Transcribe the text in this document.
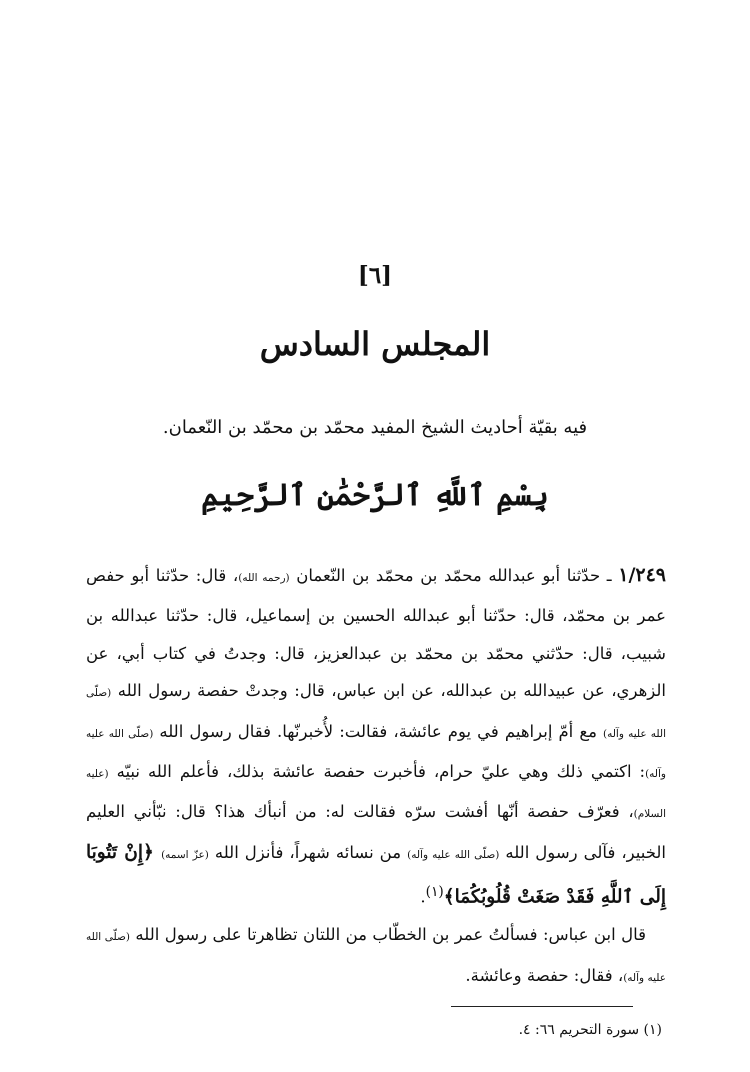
[٦]
المجلس السادس
فيه بقيّة أحاديث الشيخ المفيد محمّد بن محمّد بن النّعمان.
بِسْمِ ٱللَّهِ ٱلرَّحْمَٰنِ ٱلرَّحِيمِ

١/٢٤٩ ـ حدّثنا أبو عبدالله محمّد بن محمّد بن النّعمان (رحمه الله)، قال: حدّثنا أبو حفص عمر بن محمّد، قال: حدّثنا أبو عبدالله الحسين بن إسماعيل، قال: حدّثنا عبدالله بن شبيب، قال: حدّثني محمّد بن محمّد بن عبدالعزيز، قال: وجدتُ في كتاب أبي، عن الزهري، عن عبيدالله بن عبدالله، عن ابن عباس، قال: وجدتْ حفصة رسول الله (صلّى الله عليه وآله) مع أمّ إبراهيم في يوم عائشة، فقالت: لأُخبرنّها. فقال رسول الله (صلّى الله عليه وآله): اكتمي ذلك وهي عليّ حرام، فأخبرت حفصة عائشة بذلك، فأعلم الله نبيّه (عليه السلام)، فعرّف حفصة أنّها أفشت سرّه فقالت له: من أنبأك هذا؟ قال: نبّأني العليم الخبير، فآلى رسول الله (صلّى الله عليه وآله) من نسائه شهراً، فأنزل الله (عزّ اسمه) ﴿إِنْ تَتُوبَا إِلَى ٱللَّهِ فَقَدْ صَغَتْ قُلُوبُكُمَا﴾$^{(١)}$.

قال ابن عباس: فسألتُ عمر بن الخطّاب من اللتان تظاهرتا على رسول الله (صلّى الله عليه وآله)، فقال: حفصة وعائشة.

(١) سورة التحريم ٦٦: ٤.
